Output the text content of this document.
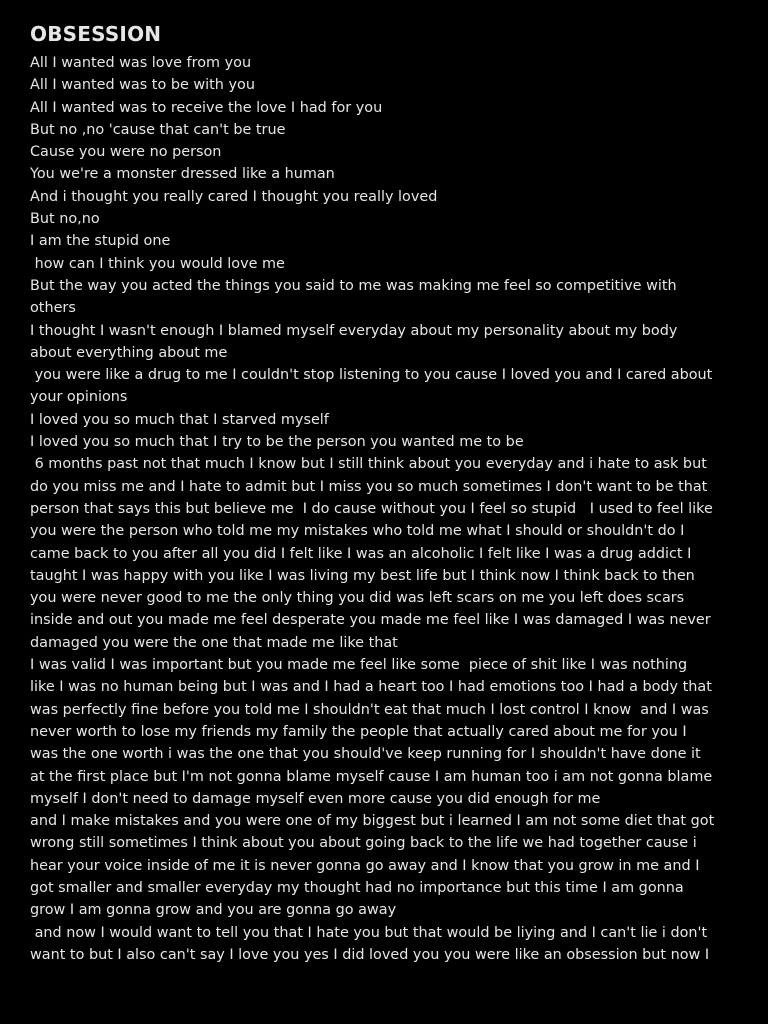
OBSESSION
All I wanted was love from you
All I wanted was to be with you
All I wanted was to receive the love I had for you
But no ,no 'cause that can't be true
Cause you were no person
You we're a monster dressed like a human
And i thought you really cared I thought you really loved
But no,no
I am the stupid one
how can I think you would love me
But the way you acted the things you said to me was making me feel so competitive with
others
I thought I wasn't enough I blamed myself everyday about my personality about my body
about everything about me
you were like a drug to me I couldn't stop listening to you cause I loved you and I cared about
your opinions
I loved you so much that I starved myself
I loved you so much that I try to be the person you wanted me to be
6 months past not that much I know but I still think about you everyday and i hate to ask but
do you miss me and I hate to admit but I miss you so much sometimes I don't want to be that
person that says this but believe me  I do cause without you I feel so stupid   I used to feel like
you were the person who told me my mistakes who told me what I should or shouldn't do I
came back to you after all you did I felt like I was an alcoholic I felt like I was a drug addict I
taught I was happy with you like I was living my best life but I think now I think back to then
you were never good to me the only thing you did was left scars on me you left does scars
inside and out you made me feel desperate you made me feel like I was damaged I was never
damaged you were the one that made me like that
I was valid I was important but you made me feel like some  piece of shit like I was nothing
like I was no human being but I was and I had a heart too I had emotions too I had a body that
was perfectly fine before you told me I shouldn't eat that much I lost control I know  and I was
never worth to lose my friends my family the people that actually cared about me for you I
was the one worth i was the one that you should've keep running for I shouldn't have done it
at the first place but I'm not gonna blame myself cause I am human too i am not gonna blame
myself I don't need to damage myself even more cause you did enough for me
and I make mistakes and you were one of my biggest but i learned I am not some diet that got
wrong still sometimes I think about you about going back to the life we had together cause i
hear your voice inside of me it is never gonna go away and I know that you grow in me and I
got smaller and smaller everyday my thought had no importance but this time I am gonna
grow I am gonna grow and you are gonna go away
and now I would want to tell you that I hate you but that would be liying and I can't lie i don't
want to but I also can't say I love you yes I did loved you you were like an obsession but now I
